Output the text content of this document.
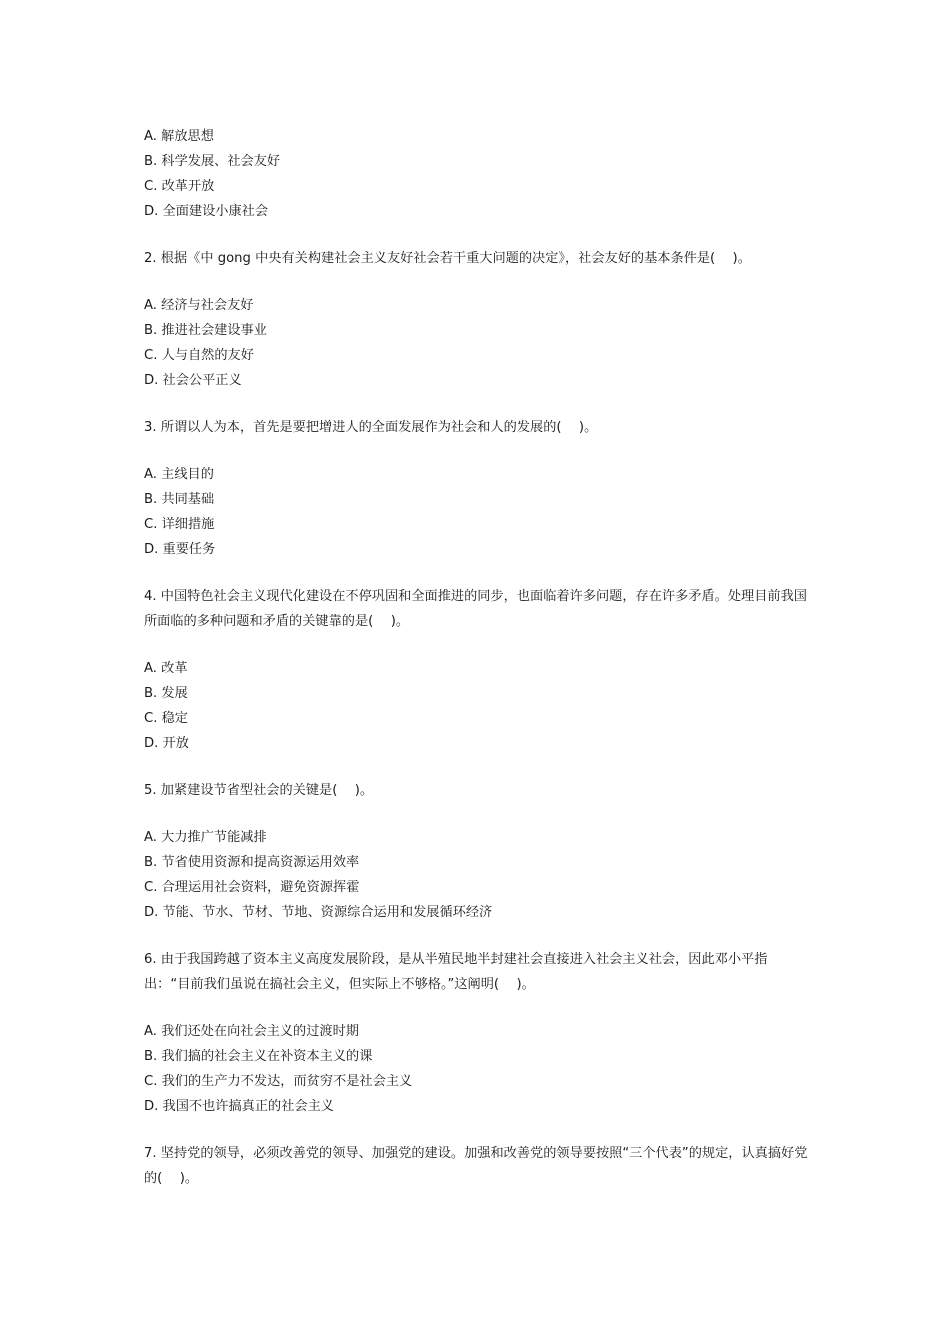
A. 解放思想
B. 科学发展、社会友好
C. 改革开放
D. 全面建设小康社会
2. 根据《中 gong 中央有关构建社会主义友好社会若干重大问题的决定》，社会友好的基本条件是(　 )。
A. 经济与社会友好
B. 推进社会建设事业
C. 人与自然的友好
D. 社会公平正义
3. 所谓以人为本，首先是要把增进人的全面发展作为社会和人的发展的(　 )。
A. 主线目的
B. 共同基础
C. 详细措施
D. 重要任务
4. 中国特色社会主义现代化建设在不停巩固和全面推进的同步，也面临着许多问题，存在许多矛盾。处理目前我国所面临的多种问题和矛盾的关键靠的是(　 )。
A. 改革
B. 发展
C. 稳定
D. 开放
5. 加紧建设节省型社会的关键是(　 )。
A. 大力推广节能减排
B. 节省使用资源和提高资源运用效率
C. 合理运用社会资料，避免资源挥霍
D. 节能、节水、节材、节地、资源综合运用和发展循环经济
6. 由于我国跨越了资本主义高度发展阶段，是从半殖民地半封建社会直接进入社会主义社会，因此邓小平指出：“目前我们虽说在搞社会主义，但实际上不够格。”这阐明(　 )。
A. 我们还处在向社会主义的过渡时期
B. 我们搞的社会主义在补资本主义的课
C. 我们的生产力不发达，而贫穷不是社会主义
D. 我国不也许搞真正的社会主义
7. 坚持党的领导，必须改善党的领导、加强党的建设。加强和改善党的领导要按照“三个代表”的规定，认真搞好党的(　 )。
